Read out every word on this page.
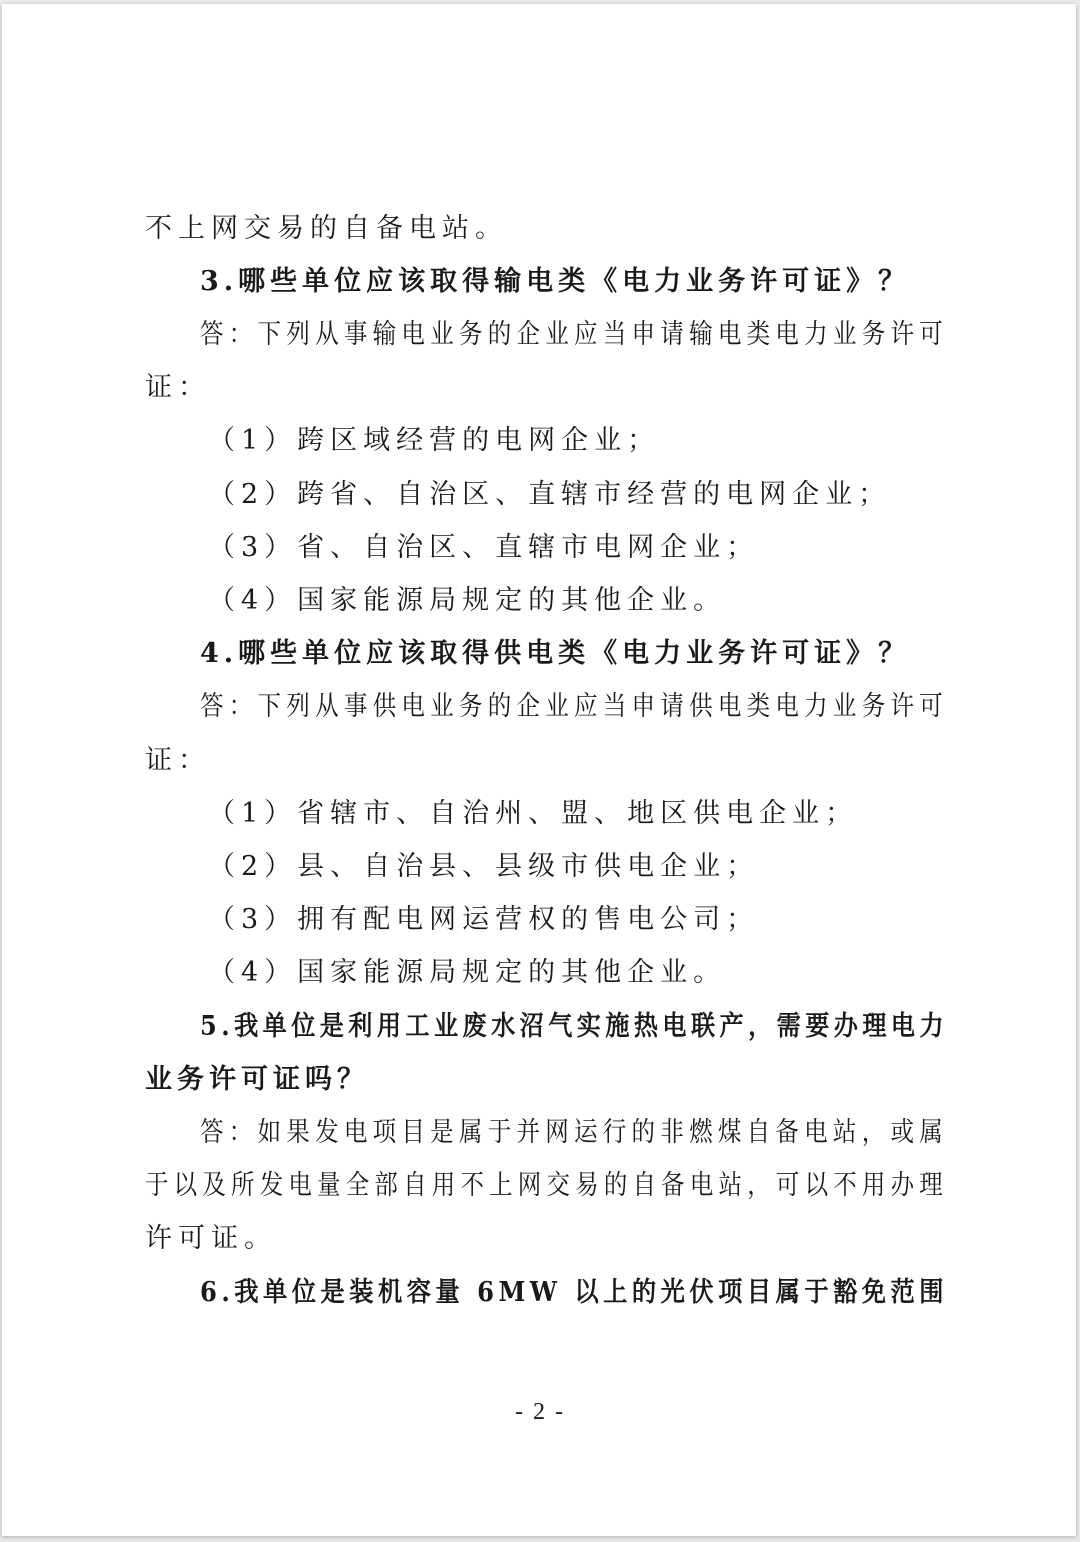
不上网交易的自备电站。
3.哪些单位应该取得输电类《电力业务许可证》？
答：下列从事输电业务的企业应当申请输电类电力业务许可
证：
（1）跨区域经营的电网企业；
（2）跨省、自治区、直辖市经营的电网企业；
（3）省、自治区、直辖市电网企业；
（4）国家能源局规定的其他企业。
4.哪些单位应该取得供电类《电力业务许可证》？
答：下列从事供电业务的企业应当申请供电类电力业务许可
证：
（1）省辖市、自治州、盟、地区供电企业；
（2）县、自治县、县级市供电企业；
（3）拥有配电网运营权的售电公司；
（4）国家能源局规定的其他企业。
5.我单位是利用工业废水沼气实施热电联产，需要办理电力
业务许可证吗？
答：如果发电项目是属于并网运行的非燃煤自备电站，或属
于以及所发电量全部自用不上网交易的自备电站，可以不用办理
许可证。
6.我单位是装机容量 6MW 以上的光伏项目属于豁免范围
- 2 -
